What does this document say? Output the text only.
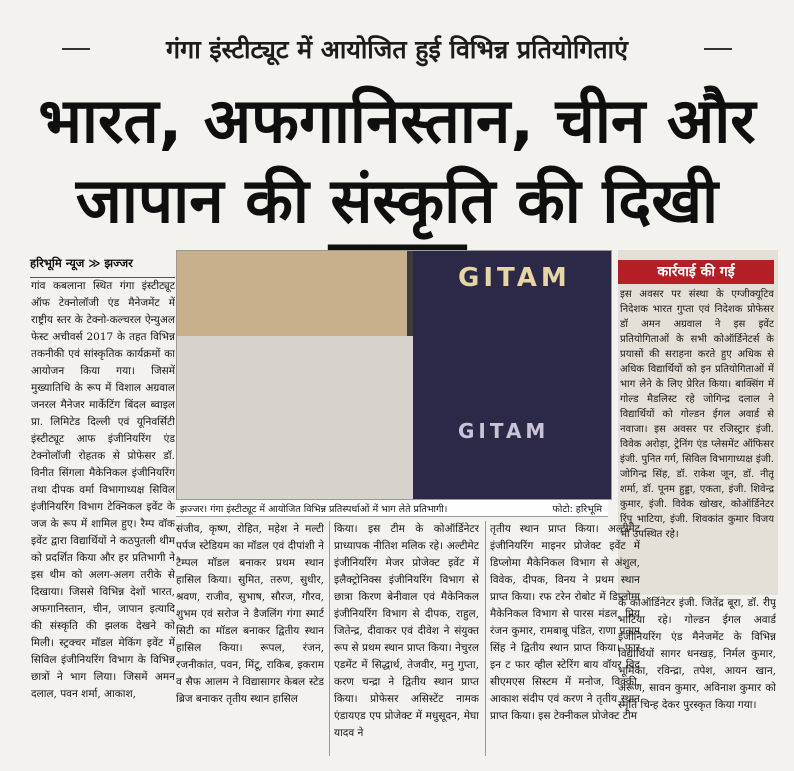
गंगा इंस्टीट्यूट में आयोजित हुई विभिन्न प्रतियोगिताएं
भारत, अफगानिस्तान, चीन और
जापान की संस्कृति की दिखी
हरिभूमि न्यूज ≫ झज्जर
गांव कबलाना स्थित गंगा इंस्टीट्यूट ऑफ टेक्नोलॉजी एंड मैनेजमेंट में राष्ट्रीय स्तर के टेक्नो-कल्चरल ऐन्युअल फेस्ट अचीवर्स 2017 के तहत विभिन्न तकनीकी एवं सांस्कृतिक कार्यक्रमों का आयोजन किया गया। जिसमें मुख्यातिथि के रूप में विशाल अग्रवाल जनरल मैनेजर मार्केटिंग बिंदल ब्वाइल प्रा. लिमिटेड दिल्ली एवं यूनिवर्सिटी इंस्टीट्यूट आफ इंजीनियरिंग एंड टेक्नोलॉजी रोहतक से प्रोफेसर डॉ. विनीत सिंगला मैकेनिकल इंजीनियरिंग तथा दीपक वर्मा विभागाध्यक्ष सिविल इंजीनियरिंग विभाग टेक्निकल इवेंट के जज के रूप में शामिल हुए। रैम्प वॉक इवेंट द्वारा विद्यार्थियों ने कठपुतली थीम को प्रदर्शित किया और हर प्रतिभागी ने इस थीम को अलग-अलग तरीके से दिखाया। जिससे विभिन्न देशों भारत, अफगानिस्तान, चीन, जापान इत्यादि की संस्कृति की झलक देखने को मिली। स्ट्रक्चर मॉडल मेकिंग इवेंट में सिविल इंजीनियरिंग विभाग के विभिन्न छात्रों ने भाग लिया। जिसमें अमन दलाल, पवन शर्मा, आकाश,
GITAM
GITAM
झज्जर। गंगा इंस्टीट्यूट में आयोजित विभिन्न प्रतिस्पर्धाओं में भाग लेते प्रतिभागी।	फोटो: हरिभूमि
कार्रवाई की गई
इस अवसर पर संस्था के एग्जीक्यूटिव निदेशक भारत गुप्ता एवं निदेशक प्रोफेसर डॉ अमन अग्रवाल ने इस इवेंट प्रतियोगिताओं के सभी कोऑर्डिनेटर्स के प्रयासों की सराहना करते हुए अधिक से अधिक विद्यार्थियों को इन प्रतियोगिताओं में भाग लेने के लिए प्रेरित किया। बाक्सिंग में गोल्ड मैडलिस्ट रहे जोगिन्द्र दलाल ने विद्यार्थियों को गोल्डन ईगल अवार्ड से नवाजा। इस अवसर पर रजिस्ट्रार इंजी. विवेक अरोड़ा, ट्रेनिंग एंड प्लेसमेंट ऑफिसर इंजी. पुनित गर्ग, सिविल विभागाध्यक्ष इंजी. जोगिन्द्र सिंह, डॉ. राकेश जून, डॉ. नीतू शर्मा, डॉ. पूनम हुड्डा, एकता, इंजी. शिवेन्द्र कुमार, इंजी. विवेक खोखर, कोऑर्डिनेटर रिंपू भाटिया, इंजी. शिवकांत कुमार विजय भी उपस्थित रहे।
संजीव, कृष्ण, रोहित, महेश ने मल्टी पर्पज स्टेडियम का मॉडल एवं दीपांशी ने टैम्पल मॉडल बनाकर प्रथम स्थान हासिल किया। सुमित, तरुण, सुधीर, श्रवण, राजीव, सुभाष, सौरज, गौरव, शुभम एवं सरोज ने डैजलिंग गंगा स्मार्ट सिटी का मॉडल बनाकर द्वितीय स्थान हासिल किया। रूपल, रंजन, रजनीकांत, पवन, मिंटू, राकिब, इकराम व सैफ आलम ने विद्यासागर केबल स्टेड ब्रिज बनाकर तृतीय स्थान हासिल
किया। इस टीम के कोऑर्डिनेटर प्राध्यापक नीतिश मलिक रहे। अल्टीमेट इंजीनियरिंग मेजर प्रोजेक्ट इवेंट में इलैक्ट्रोनिक्स इंजीनियरिंग विभाग से छात्रा किरण बेनीवाल एवं मैकेनिकल इंजीनियरिंग विभाग से दीपक, राहुल, जितेन्द्र, दीवाकर एवं दीवेश ने संयुक्त रूप से प्रथम स्थान प्राप्त किया। नेचुरल एडमेंट में सिद्धार्थ, तेजवीर, मनु गुप्ता, करण चन्द्रा ने द्वितीय स्थान प्राप्त किया। प्रोफेसर असिस्टेंट नामक एंडायएड एप प्रोजेक्ट में मधुसूदन, मेघा यादव ने
तृतीय स्थान प्राप्त किया। अल्टीमेट इंजीनियरिंग माइनर प्रोजेक्ट इवेंट में डिप्लोमा मैकेनिकल विभाग से अंशुल, विवेक, दीपक, विनय ने प्रथम स्थान प्राप्त किया। रफ टरेन रोबोट में डिप्लोमा मैकेनिकल विभाग से पारस मंडल, प्रिय रंजन कुमार, रामबाबू पंडित, राणा प्रताप सिंह ने द्वितीय स्थान प्राप्त किया। फार इन ट फार व्हील स्टेरिंग बाय वॉयर विद सीएमएस सिस्टम में मनोज, विक्की, आकाश संदीप एवं करण ने तृतीय स्थान प्राप्त किया। इस टेक्नीकल प्रोजेक्ट टीम
के कोऑर्डिनेटर इंजी. जितेंद्र बूरा, डॉ. रीपू भाटिया रहे। गोल्डन ईगल अवार्ड इंजीनियरिंग एंड मैनेजमेंट के विभिन्न विद्यार्थियों सागर धनखड़, निर्मल कुमार, भूमिका, रविन्द्रा, तपेश, आयन खान, अरूण, सावन कुमार, अविनाश कुमार को स्मृति चिन्ह देकर पुरस्कृत किया गया।
